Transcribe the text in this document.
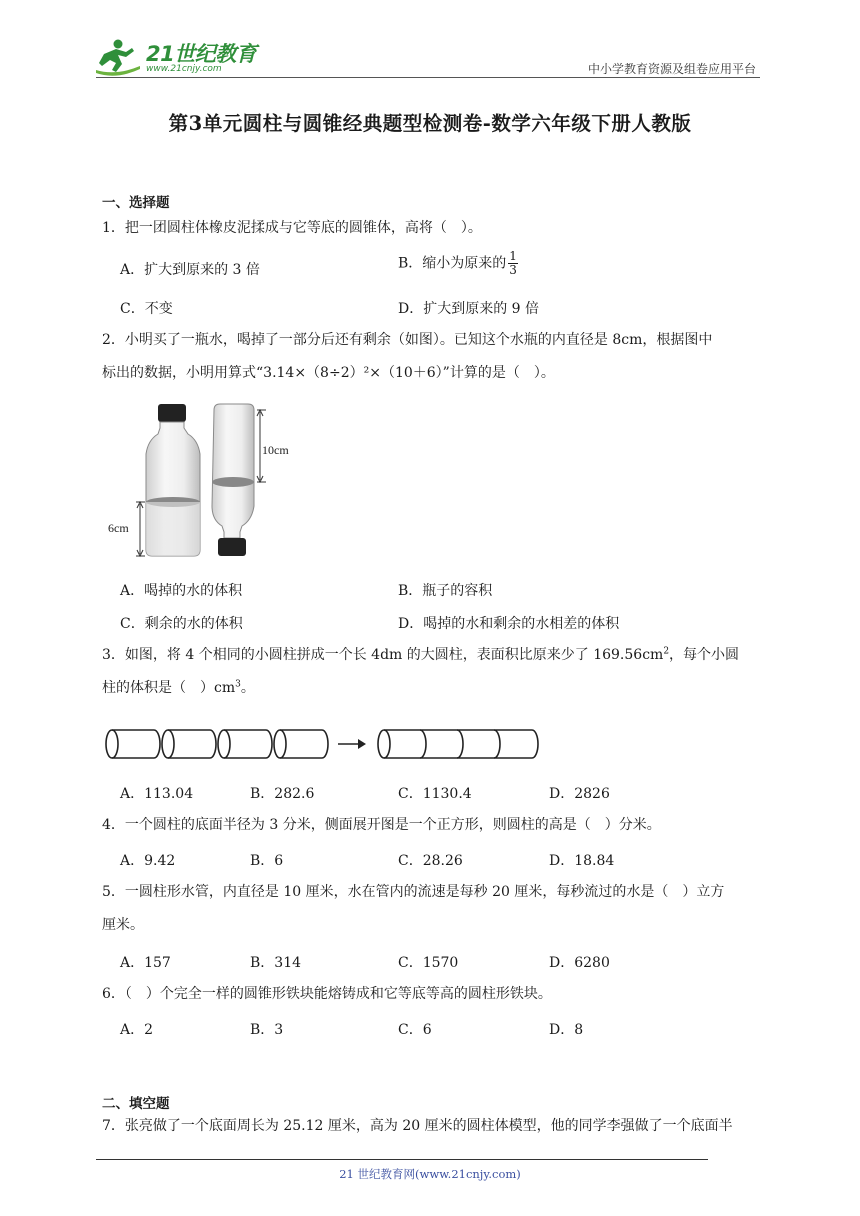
21世纪教育
www.21cnjy.com	中小学教育资源及组卷应用平台
第3单元圆柱与圆锥经典题型检测卷-数学六年级下册人教版
一、选择题
1．把一团圆柱体橡皮泥揉成与它等底的圆锥体，高将（　）。
A．扩大到原来的 3 倍	B．缩小为原来的 $\frac{1}{3}$
C．不变	D．扩大到原来的 9 倍
2．小明买了一瓶水，喝掉了一部分后还有剩余（如图）。已知这个水瓶的内直径是 8cm，根据图中
标出的数据，小明用算式“3.14×（8÷2）²×（10＋6）”计算的是（　）。
10cm
6cm
A．喝掉的水的体积	B．瓶子的容积
C．剩余的水的体积	D．喝掉的水和剩余的水相差的体积
3．如图，将 4 个相同的小圆柱拼成一个长 4dm 的大圆柱，表面积比原来少了 $169.56cm^2$，每个小圆
柱的体积是（　）$cm^3$。
A．113.04	B．282.6	C．1130.4	D．2826
4．一个圆柱的底面半径为 3 分米，侧面展开图是一个正方形，则圆柱的高是（　）分米。
A．9.42	B．6	C．28.26	D．18.84
5．一圆柱形水管，内直径是 10 厘米，水在管内的流速是每秒 20 厘米，每秒流过的水是（　）立方
厘米。
A．157	B．314	C．1570	D．6280
6．（　）个完全一样的圆锥形铁块能熔铸成和它等底等高的圆柱形铁块。
A．2	B．3	C．6	D．8
二、填空题
7．张亮做了一个底面周长为 25.12 厘米，高为 20 厘米的圆柱体模型，他的同学李强做了一个底面半
21 世纪教育网(www.21cnjy.com)
